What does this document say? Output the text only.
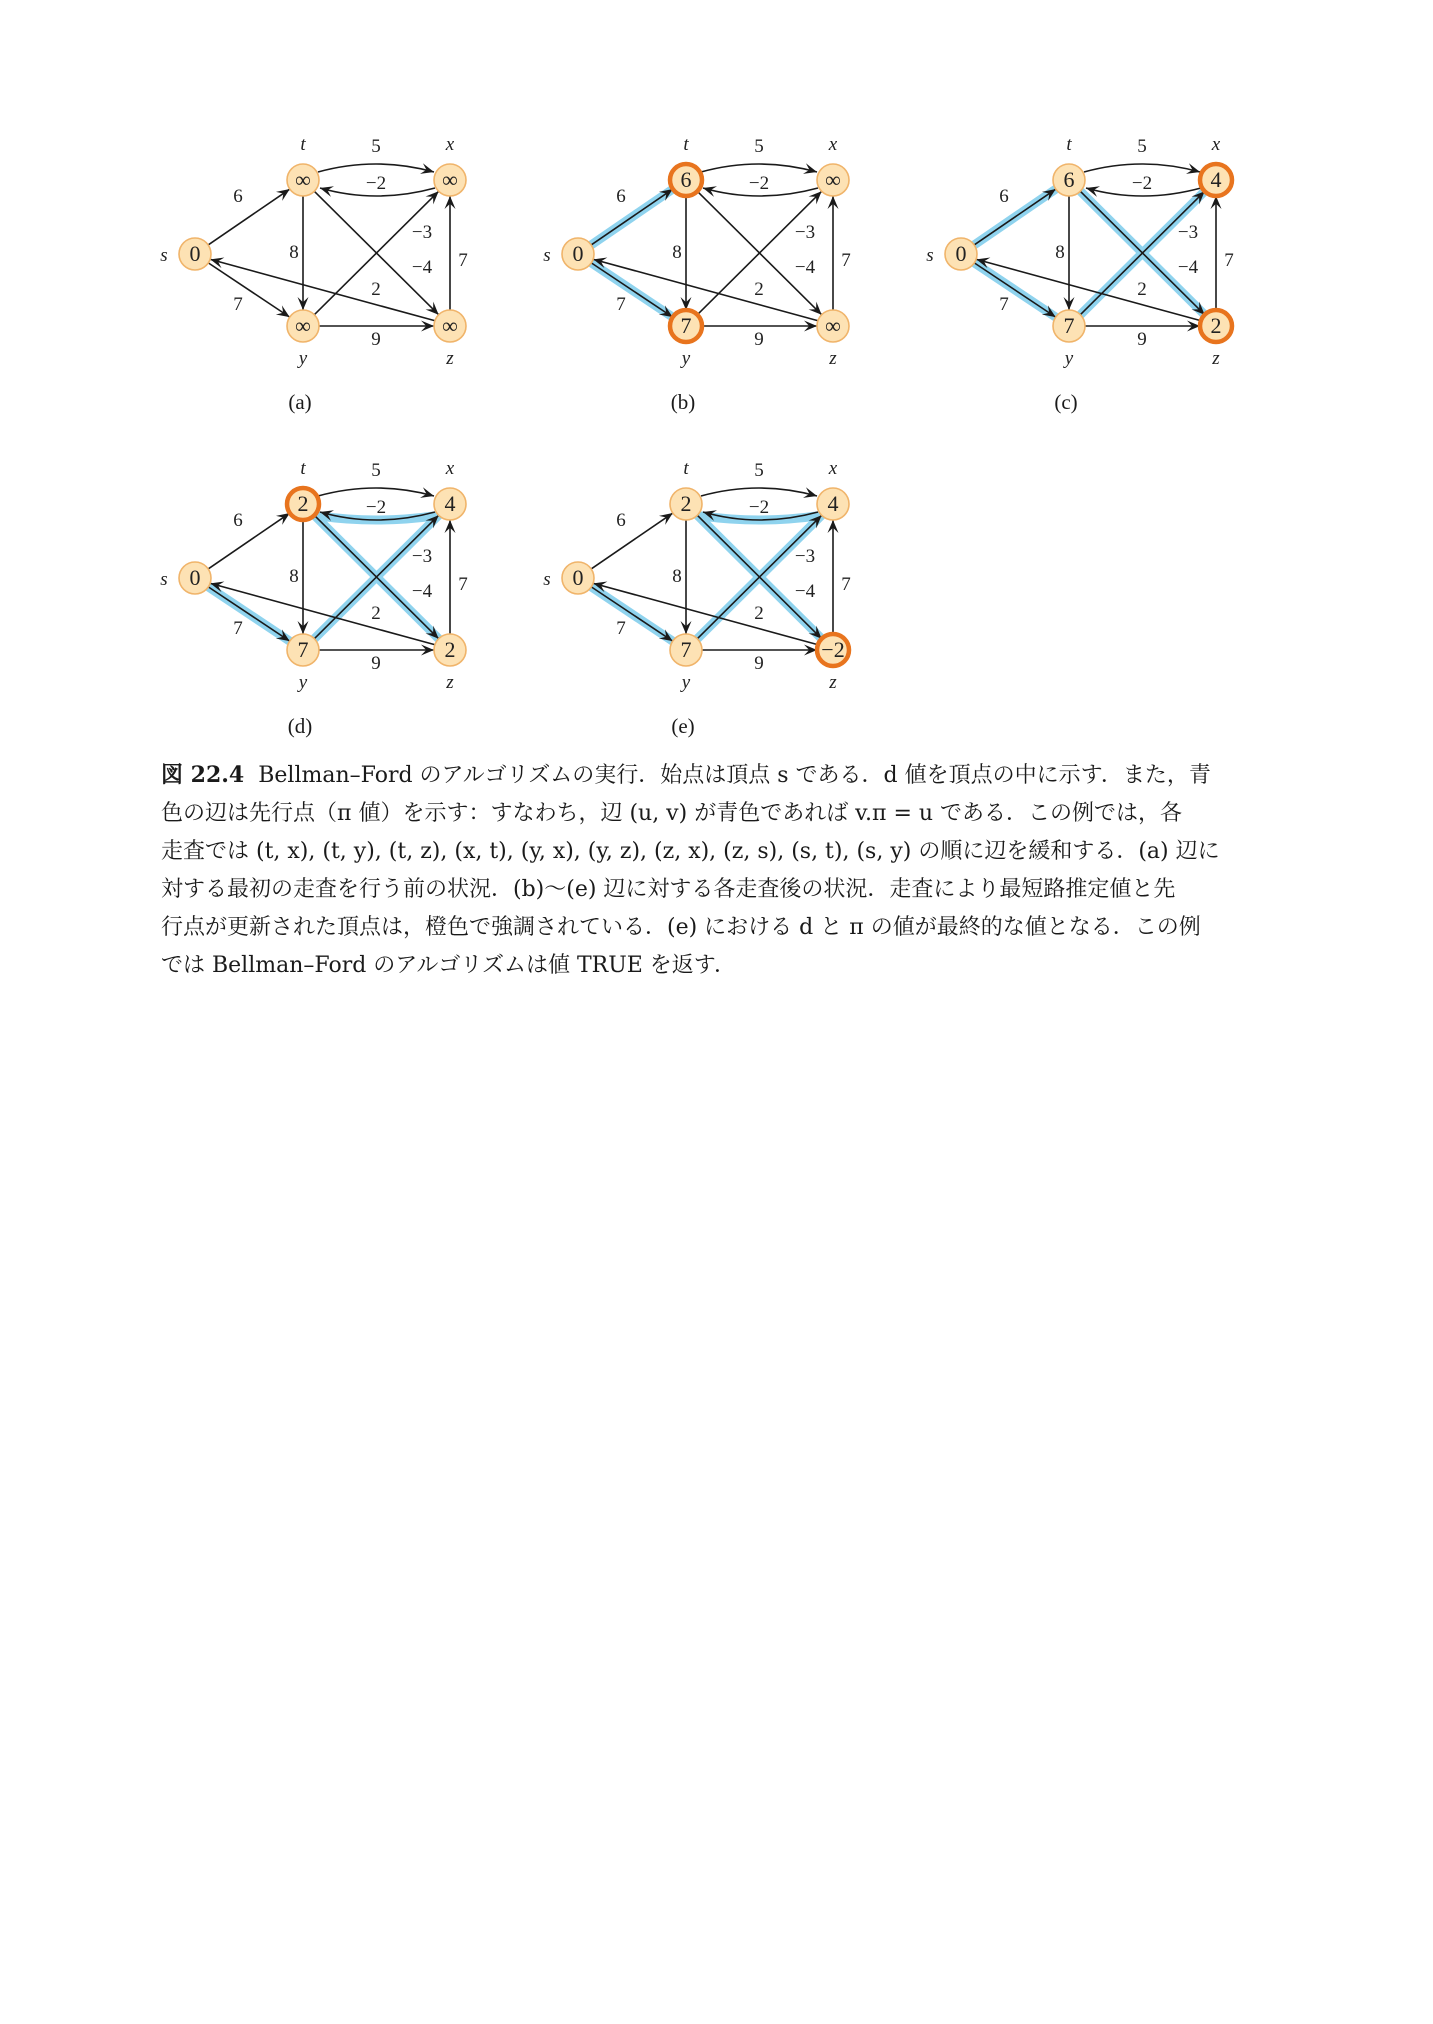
6
7
5
−2
8
−4
−3
9
7
2
0
s
∞
t
∞
x
∞
y
∞
z
(a)
6
7
5
−2
8
−4
−3
9
7
2
0
s
6
t
∞
x
7
y
∞
z
(b)
6
7
5
−2
8
−4
−3
9
7
2
0
s
6
t
4
x
7
y
2
z
(c)
6
7
5
−2
8
−4
−3
9
7
2
0
s
2
t
4
x
7
y
2
z
(d)
6
7
5
−2
8
−4
−3
9
7
2
0
s
2
t
4
x
7
y
−2
z
(e)
図 22.4 Bellman–Ford のアルゴリズムの実行．始点は頂点 s である．d 値を頂点の中に示す．また，青
色の辺は先行点（π 値）を示す：すなわち，辺 (u, v) が青色であれば v.π = u である．この例では，各
走査では (t, x), (t, y), (t, z), (x, t), (y, x), (y, z), (z, x), (z, s), (s, t), (s, y) の順に辺を緩和する．(a) 辺に
対する最初の走査を行う前の状況．(b)〜(e) 辺に対する各走査後の状況．走査により最短路推定値と先
行点が更新された頂点は，橙色で強調されている．(e) における d と π の値が最終的な値となる．この例
では Bellman–Ford のアルゴリズムは値 TRUE を返す．
